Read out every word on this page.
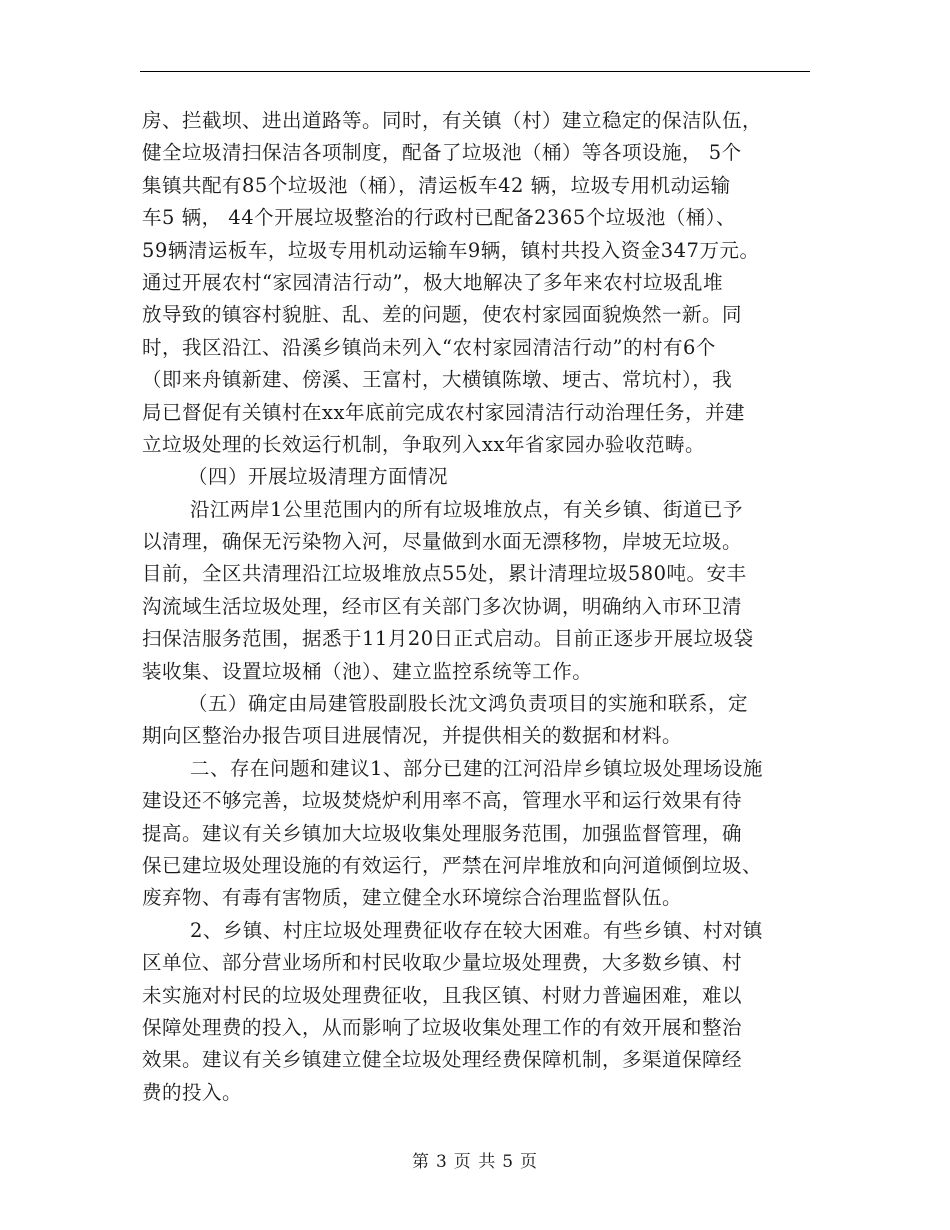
房、拦截坝、进出道路等。同时，有关镇（村）建立稳定的保洁队伍，
健全垃圾清扫保洁各项制度，配备了垃圾池（桶）等各项设施， 5个
集镇共配有85个垃圾池（桶），清运板车42 辆，垃圾专用机动运输
车5 辆， 44个开展垃圾整治的行政村已配备2365个垃圾池（桶）、
59辆清运板车，垃圾专用机动运输车9辆，镇村共投入资金347万元。
通过开展农村“家园清洁行动”，极大地解决了多年来农村垃圾乱堆
放导致的镇容村貌脏、乱、差的问题，使农村家园面貌焕然一新。同
时，我区沿江、沿溪乡镇尚未列入“农村家园清洁行动”的村有6个
（即来舟镇新建、傍溪、王富村，大横镇陈墩、埂古、常坑村），我
局已督促有关镇村在xx年底前完成农村家园清洁行动治理任务，并建
立垃圾处理的长效运行机制，争取列入xx年省家园办验收范畴。
（四）开展垃圾清理方面情况
沿江两岸1公里范围内的所有垃圾堆放点，有关乡镇、街道已予
以清理，确保无污染物入河，尽量做到水面无漂移物，岸坡无垃圾。
目前，全区共清理沿江垃圾堆放点55处，累计清理垃圾580吨。安丰
沟流域生活垃圾处理，经市区有关部门多次协调，明确纳入市环卫清
扫保洁服务范围，据悉于11月20日正式启动。目前正逐步开展垃圾袋
装收集、设置垃圾桶（池）、建立监控系统等工作。
（五）确定由局建管股副股长沈文鸿负责项目的实施和联系，定
期向区整治办报告项目进展情况，并提供相关的数据和材料。
二、存在问题和建议1、部分已建的江河沿岸乡镇垃圾处理场设施
建设还不够完善，垃圾焚烧炉利用率不高，管理水平和运行效果有待
提高。建议有关乡镇加大垃圾收集处理服务范围，加强监督管理，确
保已建垃圾处理设施的有效运行，严禁在河岸堆放和向河道倾倒垃圾、
废弃物、有毒有害物质，建立健全水环境综合治理监督队伍。
2、乡镇、村庄垃圾处理费征收存在较大困难。有些乡镇、村对镇
区单位、部分营业场所和村民收取少量垃圾处理费，大多数乡镇、村
未实施对村民的垃圾处理费征收，且我区镇、村财力普遍困难，难以
保障处理费的投入，从而影响了垃圾收集处理工作的有效开展和整治
效果。建议有关乡镇建立健全垃圾处理经费保障机制，多渠道保障经
费的投入。
第 3 页 共 5 页
